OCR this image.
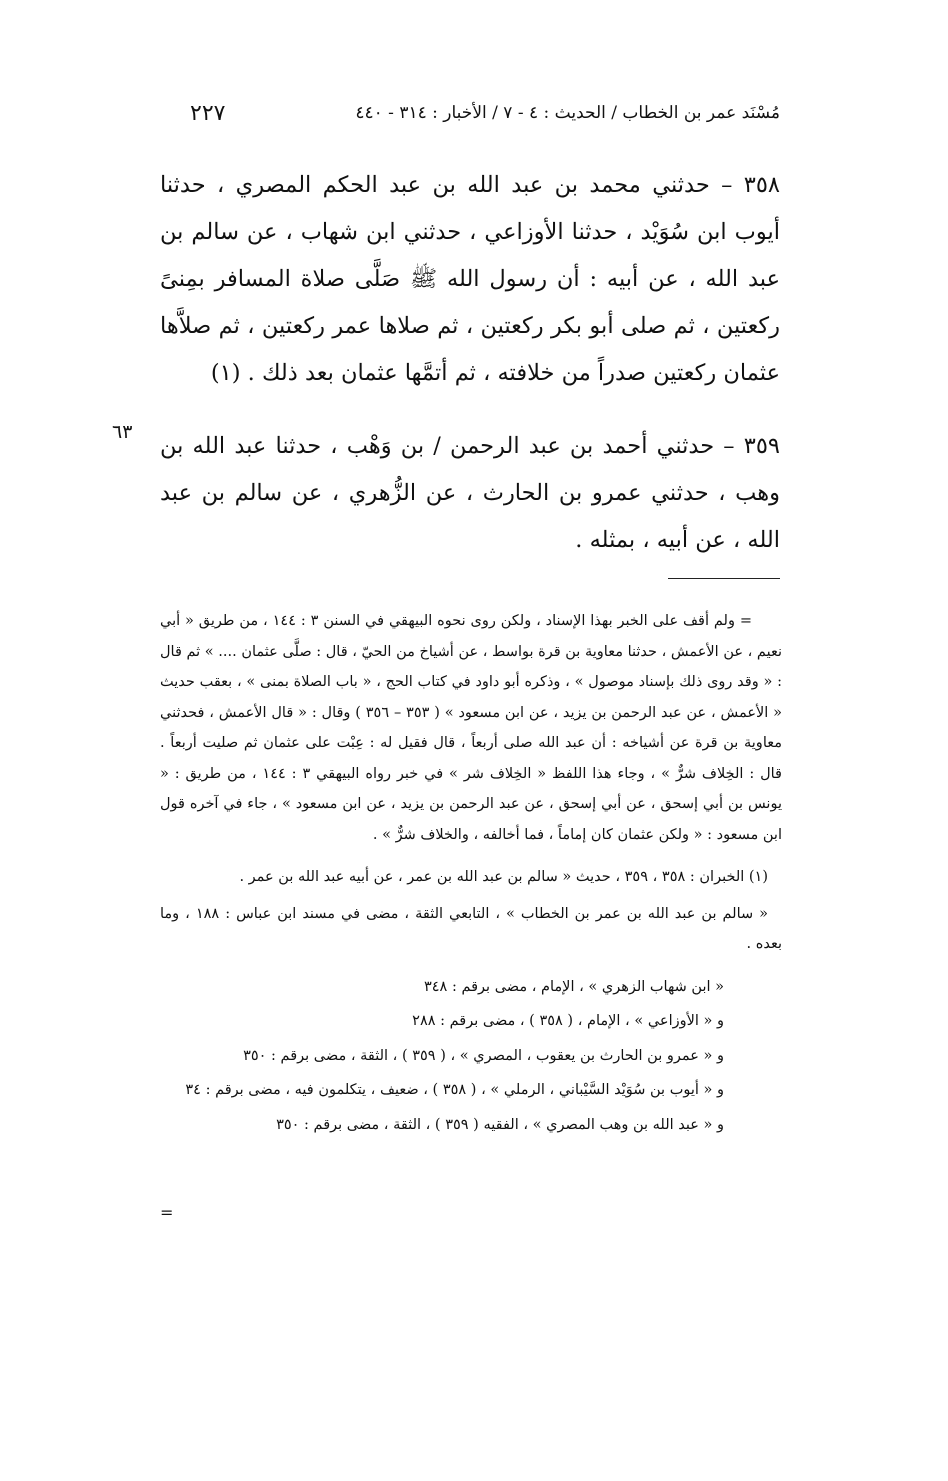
مُسْنَد عمر بن الخطاب / الحديث : ٤ - ٧ / الأخبار : ٣١٤ - ٤٤٠
٢٢٧

٣٥٨ – حدثني محمد بن عبد الله بن عبد الحكم المصري ، حدثنا أيوب ابن سُوَيْد ، حدثنا الأوزاعي ، حدثني ابن شهاب ، عن سالم بن عبد الله ، عن أبيه : أن رسول الله ﷺ صَلَّى صلاة المسافر بمِنىً ركعتين ، ثم صلى أبو بكر ركعتين ، ثم صلاها عمر ركعتين ، ثم صلاَّها عثمان ركعتين صدراً من خلافته ، ثم أتمَّها عثمان بعد ذلك . (١)

٣٥٩ – حدثني أحمد بن عبد الرحمن / بن وَهْب ، حدثنا عبد الله بن وهب ، حدثني عمرو بن الحارث ، عن الزُّهري ، عن سالم بن عبد الله ، عن أبيه ، بمثله .

٦٣

= ولم أقف على الخبر بهذا الإسناد ، ولكن روى نحوه البيهقي في السنن ٣ : ١٤٤ ، من طريق « أبي نعيم ، عن الأعمش ، حدثنا معاوية بن قرة بواسط ، عن أشياخ من الحيّ ، قال : صلَّى عثمان .... » ثم قال : « وقد روى ذلك بإسناد موصول » ، وذكره أبو داود في كتاب الحج ، « باب الصلاة بمنى » ، بعقب حديث « الأعمش ، عن عبد الرحمن بن يزيد ، عن ابن مسعود » ( ٣٥٣ – ٣٥٦ ) وقال : « قال الأعمش ، فحدثني معاوية بن قرة عن أشياخه : أن عبد الله صلى أربعاً ، قال فقيل له : عِبْت على عثمان ثم صليت أربعاً . قال : الخِلاف شرٌّ » ، وجاء هذا اللفظ « الخِلاف شر » في خبر رواه البيهقي ٣ : ١٤٤ ، من طريق : « يونس بن أبي إسحق ، عن أبي إسحق ، عن عبد الرحمن بن يزيد ، عن ابن مسعود » ، جاء في آخره قول ابن مسعود : « ولكن عثمان كان إماماً ، فما أخالفه ، والخلاف شرٌّ » .

(١) الخبران : ٣٥٨ ، ٣٥٩ ، حديث « سالم بن عبد الله بن عمر ، عن أبيه عبد الله بن عمر .

« سالم بن عبد الله بن عمر بن الخطاب » ، التابعي الثقة ، مضى في مسند ابن عباس : ١٨٨ ، وما بعده .

« ابن شهاب الزهري » ، الإمام ، مضى برقم : ٣٤٨
و « الأوزاعي » ، الإمام ، ( ٣٥٨ ) ، مضى برقم : ٢٨٨
و « عمرو بن الحارث بن يعقوب ، المصري » ، ( ٣٥٩ ) ، الثقة ، مضى برقم : ٣٥٠
و « أيوب بن سُوَيْد السَّيْباني ، الرملي » ، ( ٣٥٨ ) ، ضعيف ، يتكلمون فيه ، مضى برقم : ٣٤
و « عبد الله بن وهب المصري » ، الفقيه ( ٣٥٩ ) ، الثقة ، مضى برقم : ٣٥٠
=
